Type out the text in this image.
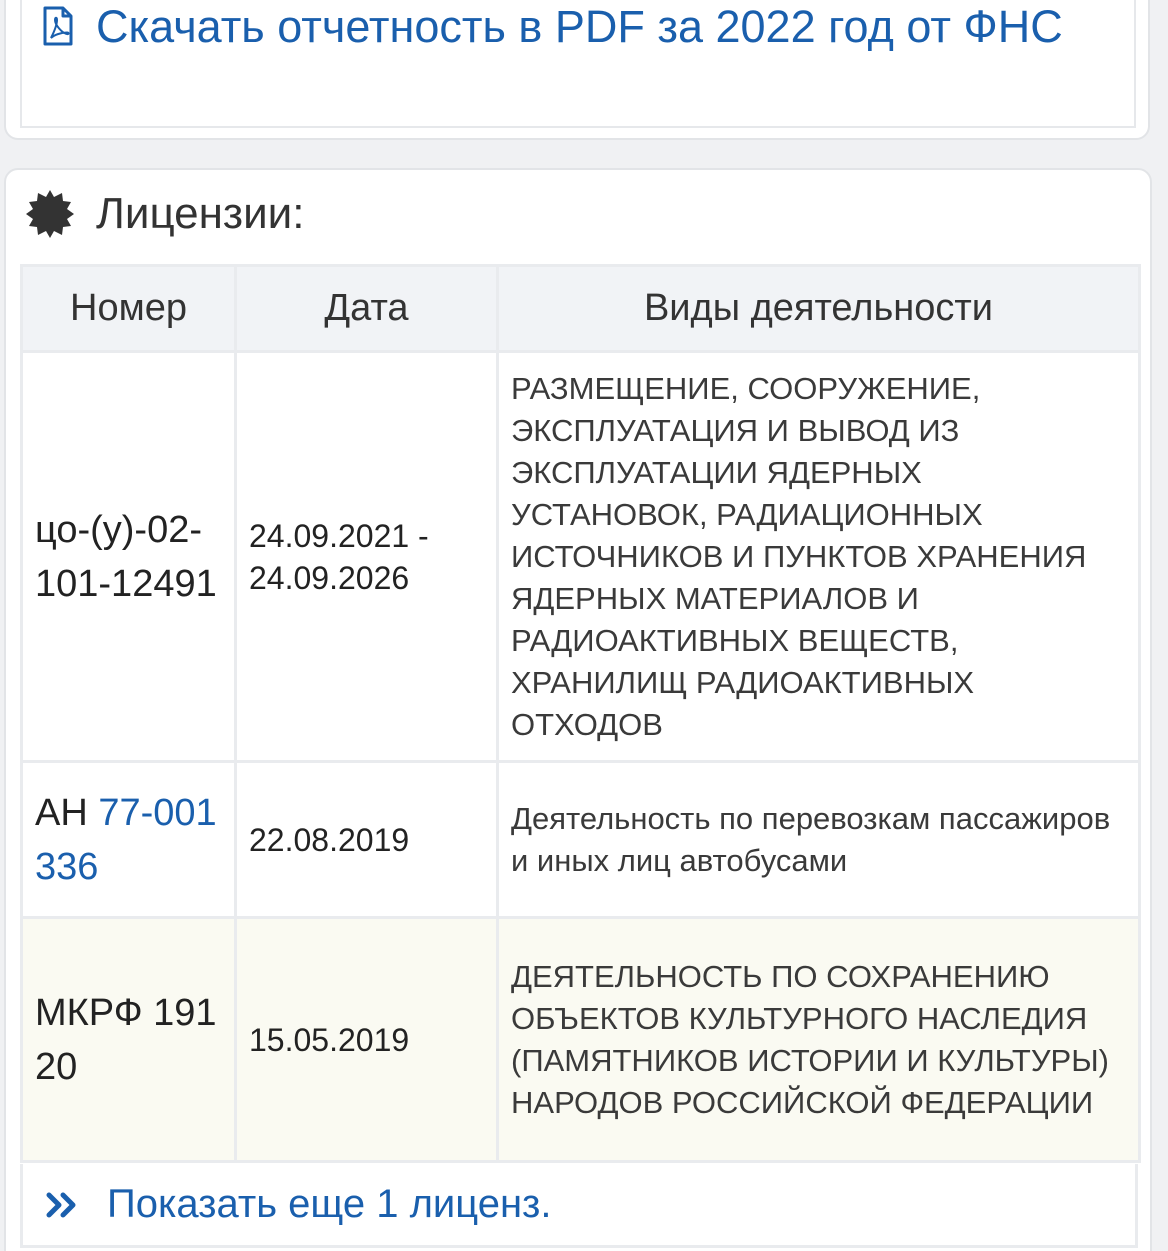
Скачать отчетность в PDF за 2022 год от ФНС
Лицензии:
Номер	Дата	Виды деятельности
цо-(у)-02-101-12491	24.09.2021 - 24.09.2026	РАЗМЕЩЕНИЕ, СООРУЖЕНИЕ, ЭКСПЛУАТАЦИЯ И ВЫВОД ИЗ ЭКСПЛУАТАЦИИ ЯДЕРНЫХ УСТАНОВОК, РАДИАЦИОННЫХ ИСТОЧНИКОВ И ПУНКТОВ ХРАНЕНИЯ ЯДЕРНЫХ МАТЕРИАЛОВ И РАДИОАКТИВНЫХ ВЕЩЕСТВ, ХРАНИЛИЩ РАДИОАКТИВНЫХ ОТХОДОВ
АН 77-001336	22.08.2019	Деятельность по перевозкам пассажиров и иных лиц автобусами
МКРФ 19120	15.05.2019	ДЕЯТЕЛЬНОСТЬ ПО СОХРАНЕНИЮ ОБЪЕКТОВ КУЛЬТУРНОГО НАСЛЕДИЯ (ПАМЯТНИКОВ ИСТОРИИ И КУЛЬТУРЫ) НАРОДОВ РОССИЙСКОЙ ФЕДЕРАЦИИ
Показать еще 1 лиценз.
